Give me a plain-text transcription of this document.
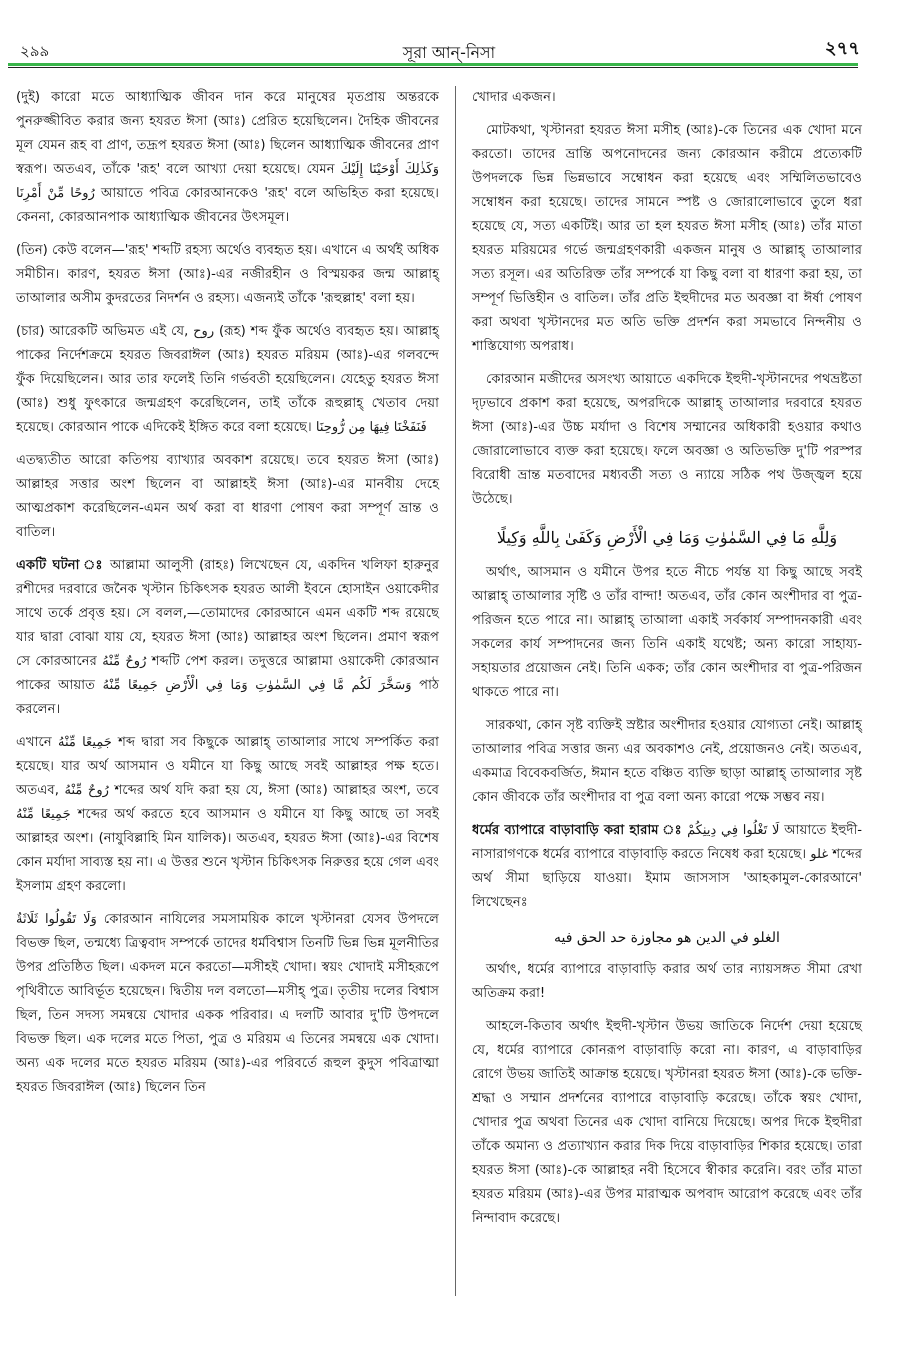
২৯৯	সূরা আন্‌-নিসা	২৭৭

(দুই) কারো মতে আধ্যাত্মিক জীবন দান করে মানুষের মৃতপ্রায় অন্তরকে পুনরুজ্জীবিত করার জন্য হযরত ঈসা (আঃ) প্রেরিত হয়েছিলেন। দৈহিক জীবনের মূল যেমন রূহ বা প্রাণ, তদ্রূপ হযরত ঈসা (আঃ) ছিলেন আধ্যাত্মিক জীবনের প্রাণ স্বরূপ। অতএব, তাঁকে 'রূহ' বলে আখ্যা দেয়া হয়েছে। যেমন وَكَذٰلِكَ أَوْحَيْنَا إِلَيْكَ رُوحًا مِّنْ أَمْرِنَا আয়াতে পবিত্র কোরআনকেও 'রূহ' বলে অভিহিত করা হয়েছে। কেননা, কোরআনপাক আধ্যাত্মিক জীবনের উৎসমূল।

(তিন) কেউ বলেন—'রূহ' শব্দটি রহস্য অর্থেও ব্যবহৃত হয়। এখানে এ অর্থই অধিক সমীচীন। কারণ, হযরত ঈসা (আঃ)-এর নজীরহীন ও বিস্ময়কর জন্ম আল্লাহ্ তাআলার অসীম কুদরতের নিদর্শন ও রহস্য। এজন্যই তাঁকে 'রূহুল্লাহ' বলা হয়।

(চার) আরেকটি অভিমত এই যে, روح (রূহ) শব্দ ফুঁক অর্থেও ব্যবহৃত হয়। আল্লাহ্ পাকের নির্দেশক্রমে হযরত জিবরাঈল (আঃ) হযরত মরিয়ম (আঃ)-এর গলবন্দে ফুঁক দিয়েছিলেন। আর তার ফলেই তিনি গর্ভবতী হয়েছিলেন। যেহেতু হযরত ঈসা (আঃ) শুধু ফুৎকারে জন্মগ্রহণ করেছিলেন, তাই তাঁকে রূহুল্লাহ্ খেতাব দেয়া হয়েছে। কোরআন পাকে এদিকেই ইঙ্গিত করে বলা হয়েছে। فَنَفَخْنَا فِيهَا مِن رُّوحِنَا

এতদ্ব্যতীত আরো কতিপয় ব্যাখ্যার অবকাশ রয়েছে। তবে হযরত ঈসা (আঃ) আল্লাহর সত্তার অংশ ছিলেন বা আল্লাহই ঈসা (আঃ)-এর মানবীয় দেহে আত্মপ্রকাশ করেছিলেন-এমন অর্থ করা বা ধারণা পোষণ করা সম্পূর্ণ ভ্রান্ত ও বাতিল।

একটি ঘটনা ঃ আল্লামা আলুসী (রাহঃ) লিখেছেন যে, একদিন খলিফা হারুনুর রশীদের দরবারে জনৈক খৃস্টান চিকিৎসক হযরত আলী ইবনে হোসাইন ওয়াকেদীর সাথে তর্কে প্রবৃত্ত হয়। সে বলল,—তোমাদের কোরআনে এমন একটি শব্দ রয়েছে যার দ্বারা বোঝা যায় যে, হযরত ঈসা (আঃ) আল্লাহর অংশ ছিলেন। প্রমাণ স্বরূপ সে কোরআনের رُوحٌ مِّنْهُ শব্দটি পেশ করল। তদুত্তরে আল্লামা ওয়াকেদী কোরআন পাকের আয়াত وَسَخَّرَ لَكُم مَّا فِي السَّمٰوٰتِ وَمَا فِي الْأَرْضِ جَمِيعًا مِّنْهُ পাঠ করলেন।

এখানে جَمِيعًا مِّنْهُ শব্দ দ্বারা সব কিছুকে আল্লাহ্ তাআলার সাথে সম্পর্কিত করা হয়েছে। যার অর্থ আসমান ও যমীনে যা কিছু আছে সবই আল্লাহর পক্ষ হতে। অতএব, رُوحٌ مِّنْهُ শব্দের অর্থ যদি করা হয় যে, ঈসা (আঃ) আল্লাহর অংশ, তবে جَمِيعًا مِّنْهُ শব্দের অর্থ করতে হবে আসমান ও যমীনে যা কিছু আছে তা সবই আল্লাহর অংশ। (নাযুবিল্লাহি মিন যালিক)। অতএব, হযরত ঈসা (আঃ)-এর বিশেষ কোন মর্যাদা সাব্যস্ত হয় না। এ উত্তর শুনে খৃস্টান চিকিৎসক নিরুত্তর হয়ে গেল এবং ইসলাম গ্রহণ করলো।

وَلَا تَقُولُوا ثَلَاثَةٌ কোরআন নাযিলের সমসাময়িক কালে খৃস্টানরা যেসব উপদলে বিভক্ত ছিল, তন্মধ্যে ত্রিত্ববাদ সম্পর্কে তাদের ধর্মবিশ্বাস তিনটি ভিন্ন ভিন্ন মূলনীতির উপর প্রতিষ্ঠিত ছিল। একদল মনে করতো—মসীহই খোদা। স্বয়ং খোদাই মসীহরূপে পৃথিবীতে আবির্ভূত হয়েছেন। দ্বিতীয় দল বলতো—মসীহ্ পুত্র। তৃতীয় দলের বিশ্বাস ছিল, তিন সদস্য সমন্বয়ে খোদার একক পরিবার। এ দলটি আবার দু'টি উপদলে বিভক্ত ছিল। এক দলের মতে পিতা, পুত্র ও মরিয়ম এ তিনের সমন্বয়ে এক খোদা। অন্য এক দলের মতে হযরত মরিয়ম (আঃ)-এর পরিবর্তে রূহুল কুদুস পবিত্রাত্মা হযরত জিবরাঈল (আঃ) ছিলেন তিন

খোদার একজন।

মোটকথা, খৃস্টানরা হযরত ঈসা মসীহ (আঃ)-কে তিনের এক খোদা মনে করতো। তাদের ভ্রান্তি অপনোদনের জন্য কোরআন করীমে প্রত্যেকটি উপদলকে ভিন্ন ভিন্নভাবে সম্বোধন করা হয়েছে এবং সম্মিলিতভাবেও সম্বোধন করা হয়েছে। তাদের সামনে স্পষ্ট ও জোরালোভাবে তুলে ধরা হয়েছে যে, সত্য একটিই। আর তা হল হযরত ঈসা মসীহ (আঃ) তাঁর মাতা হযরত মরিয়মের গর্ভে জন্মগ্রহণকারী একজন মানুষ ও আল্লাহ্ তাআলার সত্য রসূল। এর অতিরিক্ত তাঁর সম্পর্কে যা কিছু বলা বা ধারণা করা হয়, তা সম্পূর্ণ ভিত্তিহীন ও বাতিল। তাঁর প্রতি ইহুদীদের মত অবজ্ঞা বা ঈর্ষা পোষণ করা অথবা খৃস্টানদের মত অতি ভক্তি প্রদর্শন করা সমভাবে নিন্দনীয় ও শাস্তিযোগ্য অপরাধ।

কোরআন মজীদের অসংখ্য আয়াতে একদিকে ইহুদী-খৃস্টানদের পথভ্রষ্টতা দৃঢ়ভাবে প্রকাশ করা হয়েছে, অপরদিকে আল্লাহ্ তাআলার দরবারে হযরত ঈসা (আঃ)-এর উচ্চ মর্যাদা ও বিশেষ সম্মানের অধিকারী হওয়ার কথাও জোরালোভাবে ব্যক্ত করা হয়েছে। ফলে অবজ্ঞা ও অতিভক্তি দু'টি পরস্পর বিরোধী ভ্রান্ত মতবাদের মধ্যবর্তী সত্য ও ন্যায়ে সঠিক পথ উজ্জ্বল হয়ে উঠেছে।

وَلِلَّهِ مَا فِي السَّمٰوٰتِ وَمَا فِي الْأَرْضِ وَكَفَىٰ بِاللَّهِ وَكِيلًا

অর্থাৎ, আসমান ও যমীনে উপর হতে নীচে পর্যন্ত যা কিছু আছে সবই আল্লাহ্ তাআলার সৃষ্টি ও তাঁর বান্দা! অতএব, তাঁর কোন অংশীদার বা পুত্র-পরিজন হতে পারে না। আল্লাহ্ তাআলা একাই সর্বকার্য সম্পাদনকারী এবং সকলের কার্য সম্পাদনের জন্য তিনি একাই যথেষ্ট; অন্য কারো সাহায্য-সহায়তার প্রয়োজন নেই। তিনি একক; তাঁর কোন অংশীদার বা পুত্র-পরিজন থাকতে পারে না।

সারকথা, কোন সৃষ্ট ব্যক্তিই স্রষ্টার অংশীদার হওয়ার যোগ্যতা নেই। আল্লাহ্ তাআলার পবিত্র সত্তার জন্য এর অবকাশও নেই, প্রয়োজনও নেই। অতএব, একমাত্র বিবেকবর্জিত, ঈমান হতে বঞ্চিত ব্যক্তি ছাড়া আল্লাহ্ তাআলার সৃষ্ট কোন জীবকে তাঁর অংশীদার বা পুত্র বলা অন্য কারো পক্ষে সম্ভব নয়।

ধর্মের ব্যাপারে বাড়াবাড়ি করা হারাম ঃ لَا تَغْلُوا فِي دِينِكُمْ আয়াতে ইহুদী-নাসারাগণকে ধর্মের ব্যাপারে বাড়াবাড়ি করতে নিষেধ করা হয়েছে। غلو শব্দের অর্থ সীমা ছাড়িয়ে যাওয়া। ইমাম জাসসাস 'আহকামুল-কোরআনে' লিখেছেনঃ

الغلو في الدين هو مجاوزة حد الحق فيه

অর্থাৎ, ধর্মের ব্যাপারে বাড়াবাড়ি করার অর্থ তার ন্যায়সঙ্গত সীমা রেখা অতিক্রম করা!

আহলে-কিতাব অর্থাৎ ইহুদী-খৃস্টান উভয় জাতিকে নির্দেশ দেয়া হয়েছে যে, ধর্মের ব্যাপারে কোনরূপ বাড়াবাড়ি করো না। কারণ, এ বাড়াবাড়ির রোগে উভয় জাতিই আক্রান্ত হয়েছে। খৃস্টানরা হযরত ঈসা (আঃ)-কে ভক্তি-শ্রদ্ধা ও সম্মান প্রদর্শনের ব্যাপারে বাড়াবাড়ি করেছে। তাঁকে স্বয়ং খোদা, খোদার পুত্র অথবা তিনের এক খোদা বানিয়ে দিয়েছে। অপর দিকে ইহুদীরা তাঁকে অমান্য ও প্রত্যাখ্যান করার দিক দিয়ে বাড়াবাড়ির শিকার হয়েছে। তারা হযরত ঈসা (আঃ)-কে আল্লাহর নবী হিসেবে স্বীকার করেনি। বরং তাঁর মাতা হযরত মরিয়ম (আঃ)-এর উপর মারাত্মক অপবাদ আরোপ করেছে এবং তাঁর নিন্দাবাদ করেছে।
